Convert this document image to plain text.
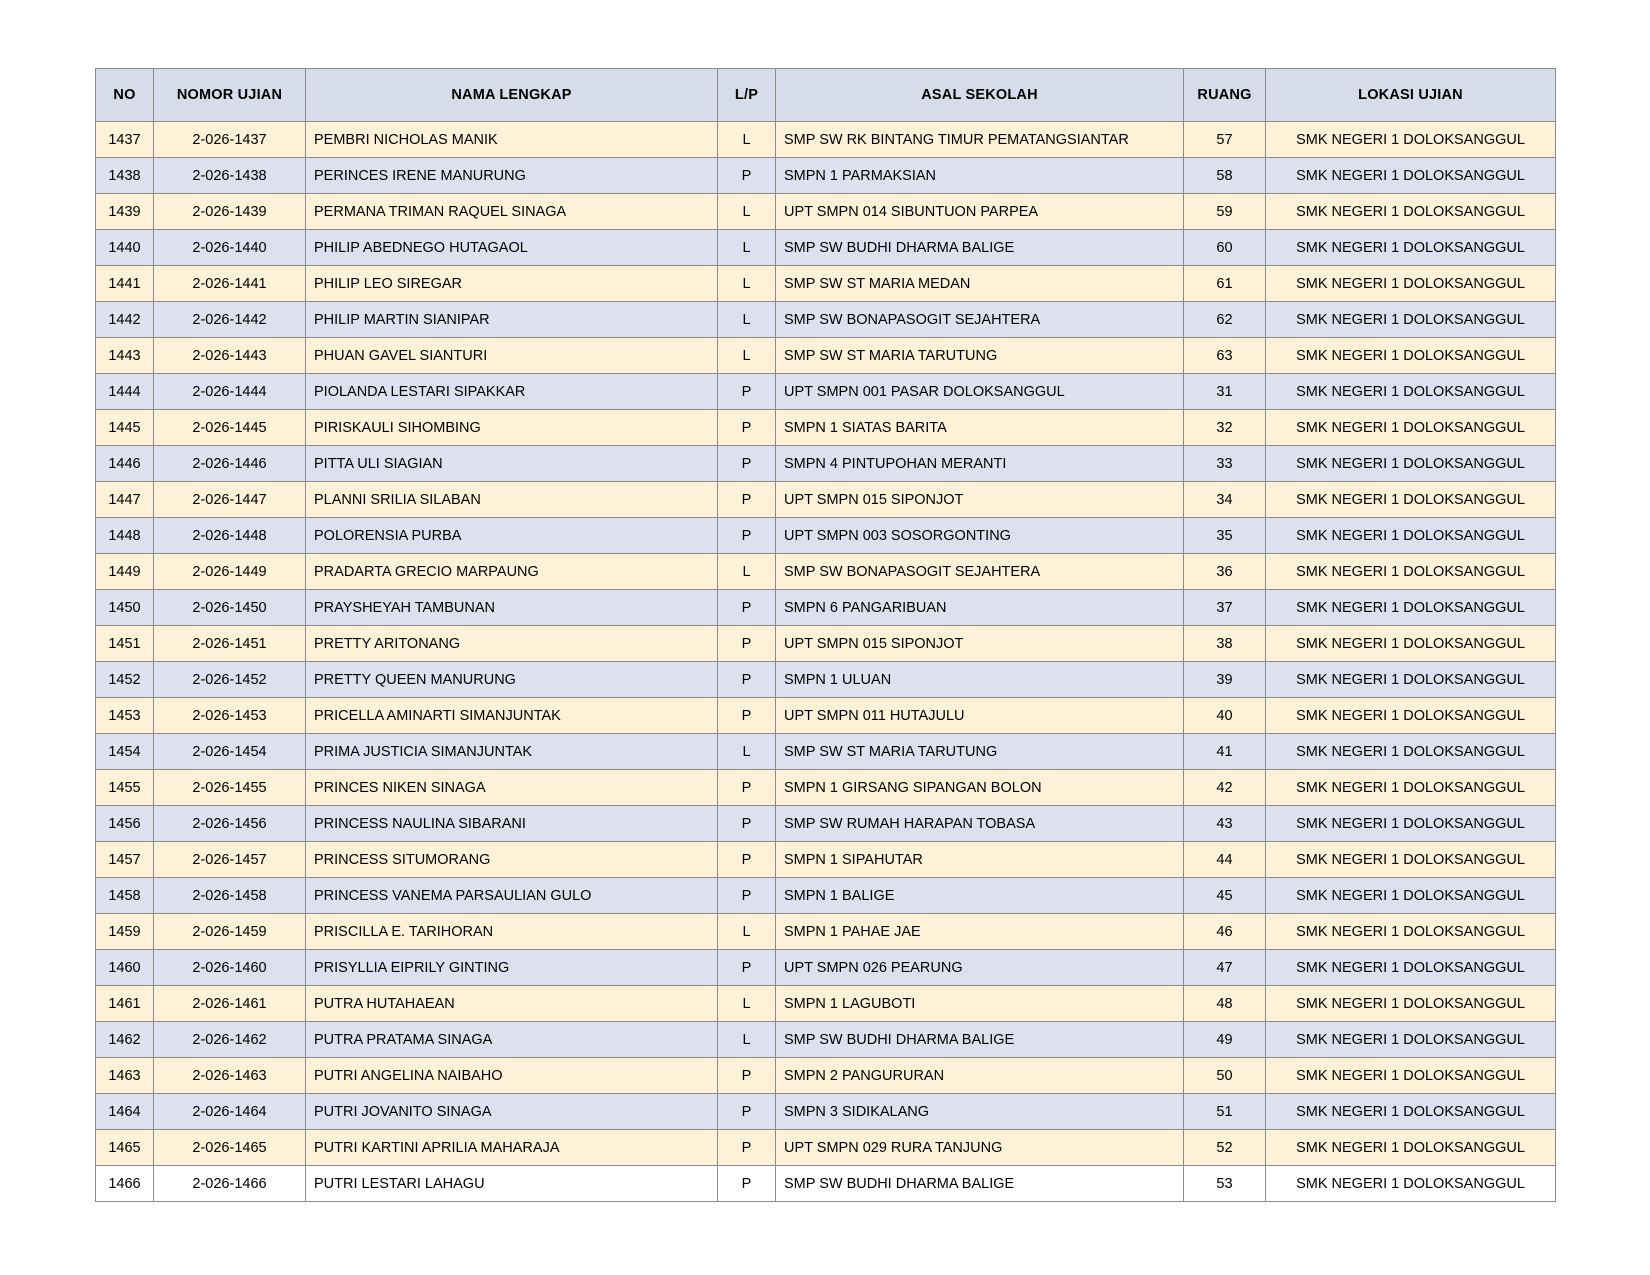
NO	NOMOR UJIAN	NAMA LENGKAP	L/P	ASAL SEKOLAH	RUANG	LOKASI UJIAN
1437	2-026-1437	PEMBRI NICHOLAS MANIK	L	SMP SW RK BINTANG TIMUR PEMATANGSIANTAR	57	SMK NEGERI 1 DOLOKSANGGUL
1438	2-026-1438	PERINCES IRENE MANURUNG	P	SMPN 1 PARMAKSIAN	58	SMK NEGERI 1 DOLOKSANGGUL
1439	2-026-1439	PERMANA TRIMAN RAQUEL SINAGA	L	UPT SMPN 014 SIBUNTUON PARPEA	59	SMK NEGERI 1 DOLOKSANGGUL
1440	2-026-1440	PHILIP ABEDNEGO HUTAGAOL	L	SMP SW BUDHI DHARMA BALIGE	60	SMK NEGERI 1 DOLOKSANGGUL
1441	2-026-1441	PHILIP LEO SIREGAR	L	SMP SW ST MARIA MEDAN	61	SMK NEGERI 1 DOLOKSANGGUL
1442	2-026-1442	PHILIP MARTIN SIANIPAR	L	SMP SW BONAPASOGIT SEJAHTERA	62	SMK NEGERI 1 DOLOKSANGGUL
1443	2-026-1443	PHUAN GAVEL SIANTURI	L	SMP SW ST MARIA TARUTUNG	63	SMK NEGERI 1 DOLOKSANGGUL
1444	2-026-1444	PIOLANDA LESTARI SIPAKKAR	P	UPT SMPN 001 PASAR DOLOKSANGGUL	31	SMK NEGERI 1 DOLOKSANGGUL
1445	2-026-1445	PIRISKAULI SIHOMBING	P	SMPN 1 SIATAS BARITA	32	SMK NEGERI 1 DOLOKSANGGUL
1446	2-026-1446	PITTA ULI SIAGIAN	P	SMPN 4 PINTUPOHAN MERANTI	33	SMK NEGERI 1 DOLOKSANGGUL
1447	2-026-1447	PLANNI SRILIA SILABAN	P	UPT SMPN 015 SIPONJOT	34	SMK NEGERI 1 DOLOKSANGGUL
1448	2-026-1448	POLORENSIA PURBA	P	UPT SMPN 003 SOSORGONTING	35	SMK NEGERI 1 DOLOKSANGGUL
1449	2-026-1449	PRADARTA GRECIO MARPAUNG	L	SMP SW BONAPASOGIT SEJAHTERA	36	SMK NEGERI 1 DOLOKSANGGUL
1450	2-026-1450	PRAYSHEYAH TAMBUNAN	P	SMPN 6 PANGARIBUAN	37	SMK NEGERI 1 DOLOKSANGGUL
1451	2-026-1451	PRETTY ARITONANG	P	UPT SMPN 015 SIPONJOT	38	SMK NEGERI 1 DOLOKSANGGUL
1452	2-026-1452	PRETTY QUEEN MANURUNG	P	SMPN 1 ULUAN	39	SMK NEGERI 1 DOLOKSANGGUL
1453	2-026-1453	PRICELLA AMINARTI SIMANJUNTAK	P	UPT SMPN 011 HUTAJULU	40	SMK NEGERI 1 DOLOKSANGGUL
1454	2-026-1454	PRIMA JUSTICIA SIMANJUNTAK	L	SMP SW ST MARIA TARUTUNG	41	SMK NEGERI 1 DOLOKSANGGUL
1455	2-026-1455	PRINCES NIKEN SINAGA	P	SMPN 1 GIRSANG SIPANGAN BOLON	42	SMK NEGERI 1 DOLOKSANGGUL
1456	2-026-1456	PRINCESS NAULINA SIBARANI	P	SMP SW RUMAH HARAPAN TOBASA	43	SMK NEGERI 1 DOLOKSANGGUL
1457	2-026-1457	PRINCESS SITUMORANG	P	SMPN 1 SIPAHUTAR	44	SMK NEGERI 1 DOLOKSANGGUL
1458	2-026-1458	PRINCESS VANEMA PARSAULIAN GULO	P	SMPN 1 BALIGE	45	SMK NEGERI 1 DOLOKSANGGUL
1459	2-026-1459	PRISCILLA E. TARIHORAN	L	SMPN 1 PAHAE JAE	46	SMK NEGERI 1 DOLOKSANGGUL
1460	2-026-1460	PRISYLLIA EIPRILY GINTING	P	UPT SMPN 026 PEARUNG	47	SMK NEGERI 1 DOLOKSANGGUL
1461	2-026-1461	PUTRA HUTAHAEAN	L	SMPN 1 LAGUBOTI	48	SMK NEGERI 1 DOLOKSANGGUL
1462	2-026-1462	PUTRA PRATAMA SINAGA	L	SMP SW BUDHI DHARMA BALIGE	49	SMK NEGERI 1 DOLOKSANGGUL
1463	2-026-1463	PUTRI ANGELINA NAIBAHO	P	SMPN 2 PANGURURAN	50	SMK NEGERI 1 DOLOKSANGGUL
1464	2-026-1464	PUTRI JOVANITO SINAGA	P	SMPN 3 SIDIKALANG	51	SMK NEGERI 1 DOLOKSANGGUL
1465	2-026-1465	PUTRI KARTINI APRILIA MAHARAJA	P	UPT SMPN 029 RURA TANJUNG	52	SMK NEGERI 1 DOLOKSANGGUL
1466	2-026-1466	PUTRI LESTARI LAHAGU	P	SMP SW BUDHI DHARMA BALIGE	53	SMK NEGERI 1 DOLOKSANGGUL
